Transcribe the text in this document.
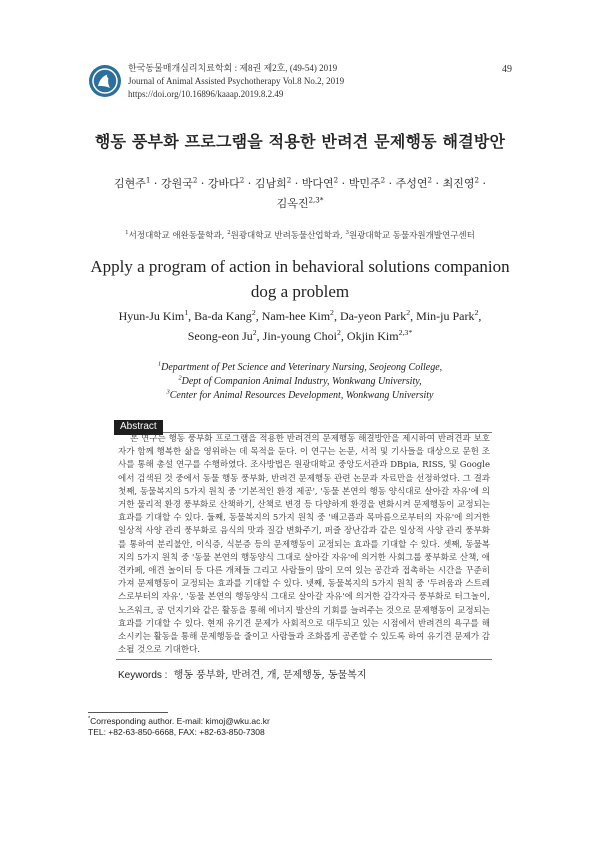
한국동물매개심리치료학회 : 제8권 제2호, (49-54) 2019
Journal of Animal Assisted Psychotherapy Vol.8 No.2, 2019
https://doi.org/10.16896/kaaap.2019.8.2.49
49
행동 풍부화 프로그램을 적용한 반려견 문제행동 해결방안
김현주$^1$ · 강원국$^2$ · 강바다$^2$ · 김남희$^2$ · 박다연$^2$ · 박민주$^2$ · 주성연$^2$ · 최진영$^2$ ·
김옥진$^{2,3*}$
$^1$서정대학교 애완동물학과, $^2$원광대학교 반려동물산업학과, $^3$원광대학교 동물자원개발연구센터
Apply a program of action in behavioral solutions companion
dog a problem
Hyun-Ju Kim$^1$, Ba-da Kang$^2$, Nam-hee Kim$^2$, Da-yeon Park$^2$, Min-ju Park$^2$,
Seong-eon Ju$^2$, Jin-young Choi$^2$, Okjin Kim$^{2,3*}$
$^1$Department of Pet Science and Veterinary Nursing, Seojeong College,
$^2$Dept of Companion Animal Industry, Wonkwang University,
$^3$Center for Animal Resources Development, Wonkwang University
Abstract
본 연구는 행동 풍부화 프로그램을 적용한 반려견의 문제행동 해결방안을 제시하여 반려견과 보호자가 함께 행복한 삶을 영위하는 데 목적을 둔다. 이 연구는 논문, 서적 및 기사들을 대상으로 문헌 조사를 통해 총설 연구를 수행하였다. 조사방법은 원광대학교 중앙도서관과 DBpia, RISS, 및 Google에서 검색된 것 중에서 동물 행동 풍부화, 반려견 문제행동 관련 논문과 자료만을 선정하였다. 그 결과 첫째, 동물복지의 5가지 원칙 중 '기본적인 환경 제공', '동물 본연의 행동 양식대로 살아갈 자유'에 의거한 물리적 환경 풍부화로 산책하기, 산책로 변경 등 다양하게 환경을 변화시켜 문제행동이 교정되는 효과를 기대할 수 있다. 둘째, 동물복지의 5가지 원칙 중 '배고픔과 목마름으로부터의 자유'에 의거한 일상적 사양 관리 풍부화로 음식의 맛과 질감 변화주기, 퍼즐 장난감과 같은 일상적 사양 관리 풍부화를 통하여 분리불안, 이식증, 식분증 등의 문제행동이 교정되는 효과를 기대할 수 있다. 셋째, 동물복지의 5가지 원칙 중 '동물 본연의 행동양식 그대로 살아갈 자유'에 의거한 사회그룹 풍부화로 산책, 애견카페, 애견 놀이터 등 다른 개체들 그리고 사람들이 많이 모여 있는 공간과 접촉하는 시간을 꾸준히 가져 문제행동이 교정되는 효과를 기대할 수 있다. 넷째, 동물복지의 5가지 원칙 중 '두려움과 스트레스로부터의 자유', '동물 본연의 행동양식 그대로 살아갈 자유'에 의거한 감각자극 풍부화로 터그놀이, 노즈워크, 공 던지기와 같은 활동을 통해 에너지 발산의 기회를 늘려주는 것으로 문제행동이 교정되는 효과를 기대할 수 있다. 현재 유기견 문제가 사회적으로 대두되고 있는 시점에서 반려견의 욕구를 해소시키는 활동을 통해 문제행동을 줄이고 사람들과 조화롭게 공존할 수 있도록 하여 유기견 문제가 감소될 것으로 기대한다.
Keywords : 행동 풍부화, 반려견, 개, 문제행동, 동물복지
*Corresponding author. E-mail: kimoj@wku.ac.kr
TEL: +82-63-850-6668, FAX: +82-63-850-7308
